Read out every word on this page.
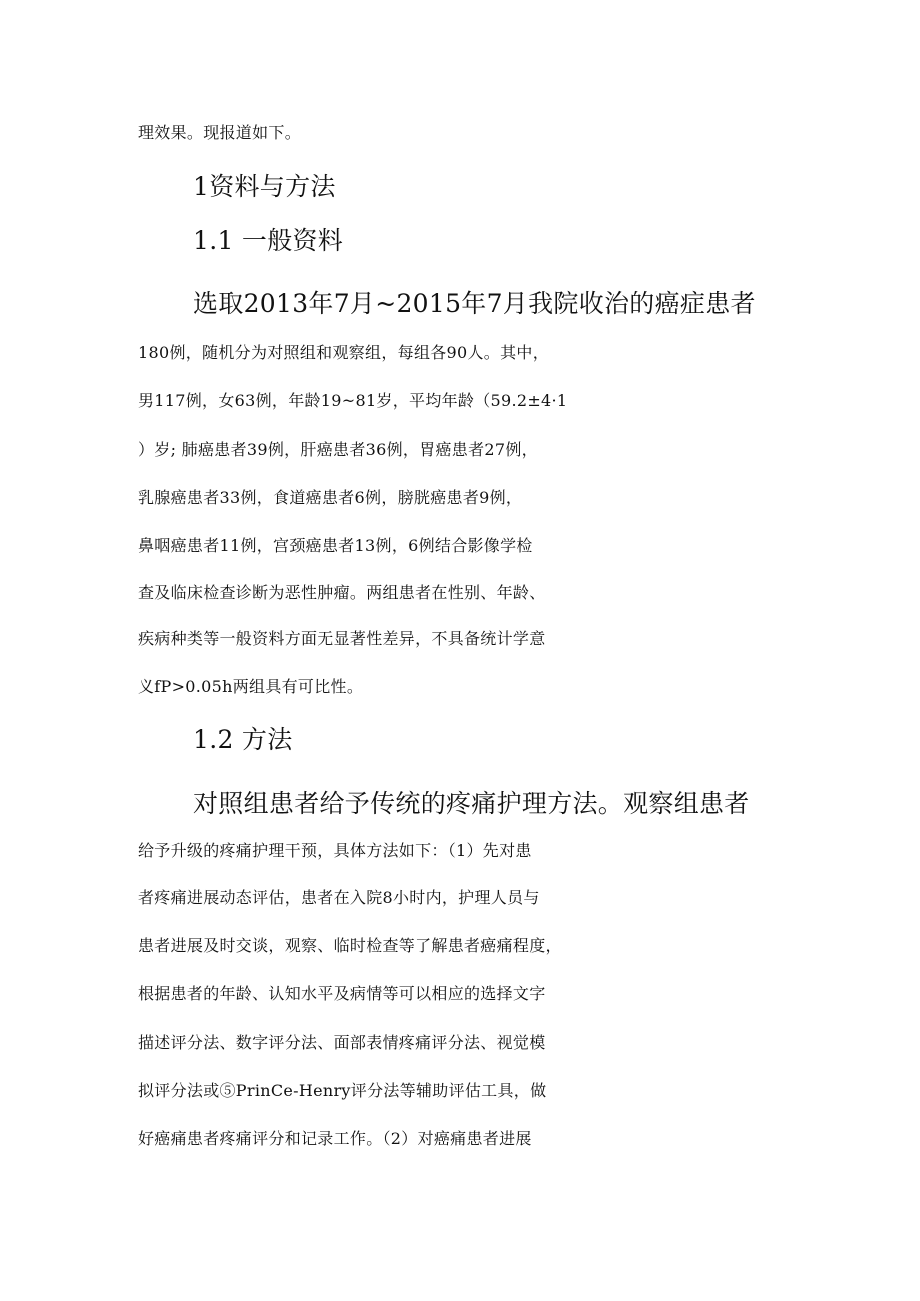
理效果。现报道如下。
1资料与方法
1.1 一般资料
选取2013年7月~2015年7月我院收治的癌症患者
180例，随机分为对照组和观察组，每组各90人。其中，
男117例，女63例，年龄19~81岁，平均年龄（59.2±4·1
）岁; 肺癌患者39例，肝癌患者36例，胃癌患者27例，
乳腺癌患者33例，食道癌患者6例，膀胱癌患者9例，
鼻咽癌患者11例，宫颈癌患者13例，6例结合影像学检
查及临床检查诊断为恶性肿瘤。两组患者在性别、年龄、
疾病种类等一般资料方面无显著性差异，不具备统计学意
义fP>0.05h两组具有可比性。
1.2 方法
对照组患者给予传统的疼痛护理方法。观察组患者
给予升级的疼痛护理干预，具体方法如下：（1）先对患
者疼痛进展动态评估，患者在入院8小时内，护理人员与
患者进展及时交谈，观察、临时检查等了解患者癌痛程度，
根据患者的年龄、认知水平及病情等可以相应的选择文字
描述评分法、数字评分法、面部表情疼痛评分法、视觉模
拟评分法或⑤PrinCe-Henry评分法等辅助评估工具，做
好癌痛患者疼痛评分和记录工作。（2）对癌痛患者进展
